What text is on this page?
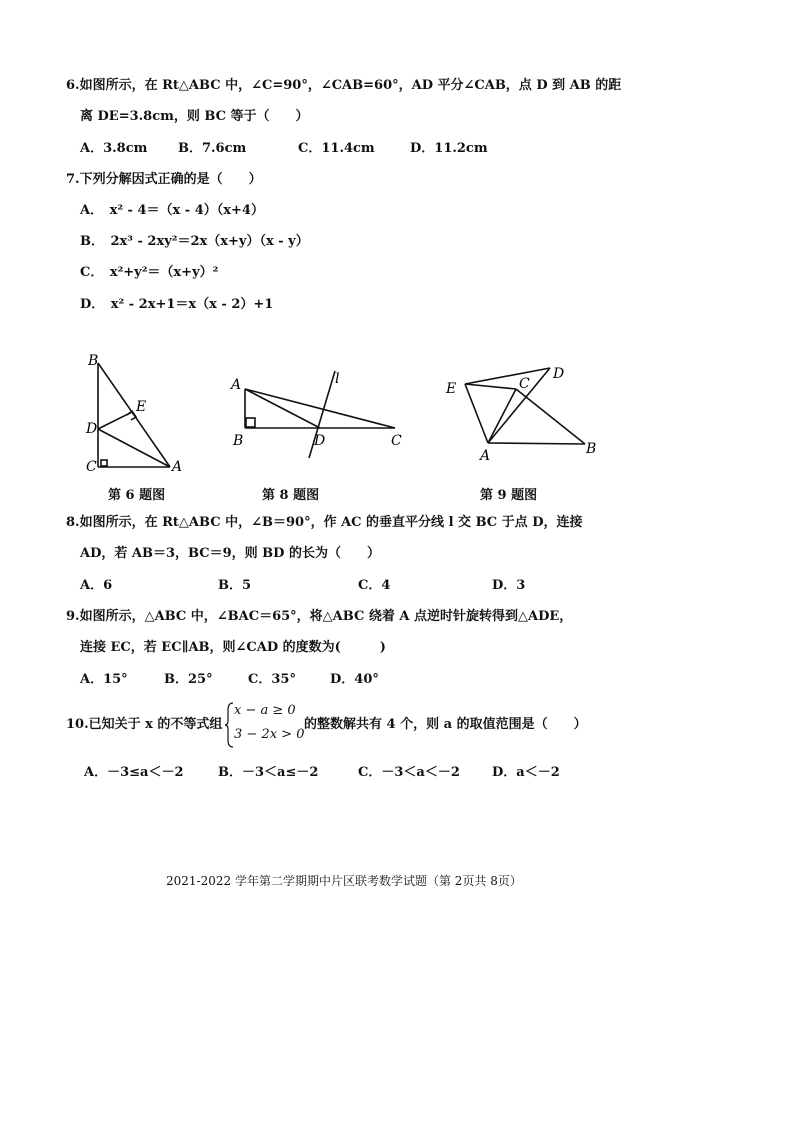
6.如图所示，在 Rt△ABC 中，∠C=90°，∠CAB=60°，AD 平分∠CAB，点 D 到 AB 的距
离 DE=3.8cm，则 BC 等于（　　）
A．3.8cm B．7.6cm	C．11.4cm	D．11.2cm
7.下列分解因式正确的是（　　）
A．　x² - 4＝（x - 4）（x+4）
B．　2x³ - 2xy²＝2x（x+y）（x - y）
C．　x²+y²＝（x+y）²
D．　x² - 2x+1＝x（x - 2）+1
B
E
D
C	A
第 6 题图
A	l
B	D	C
第 8 题图
E	C
D
A	B
第 9 题图
8.如图所示，在 Rt△ABC 中，∠B＝90°，作 AC 的垂直平分线 l 交 BC 于点 D，连接
AD，若 AB＝3，BC＝9，则 BD 的长为（　　）
A．6	B．5	C．4	D．3
9.如图所示，△ABC 中，∠BAC＝65°，将△ABC 绕着 A 点逆时针旋转得到△ADE，
连接 EC，若 EC∥AB，则∠CAD 的度数为(　　　)
A．15°	B．25°	C．35°	D．40°
10.已知关于 x 的不等式组
x − a ≥ 0
3 − 2x > 0
的整数解共有 4 个，则 a 的取值范围是（　　）
A．－3≤a＜－2	B．－3＜a≤－2	C．－3＜a＜－2 D．a＜－2
2021-2022 学年第二学期期中片区联考数学试题（第 2页共 8页）
